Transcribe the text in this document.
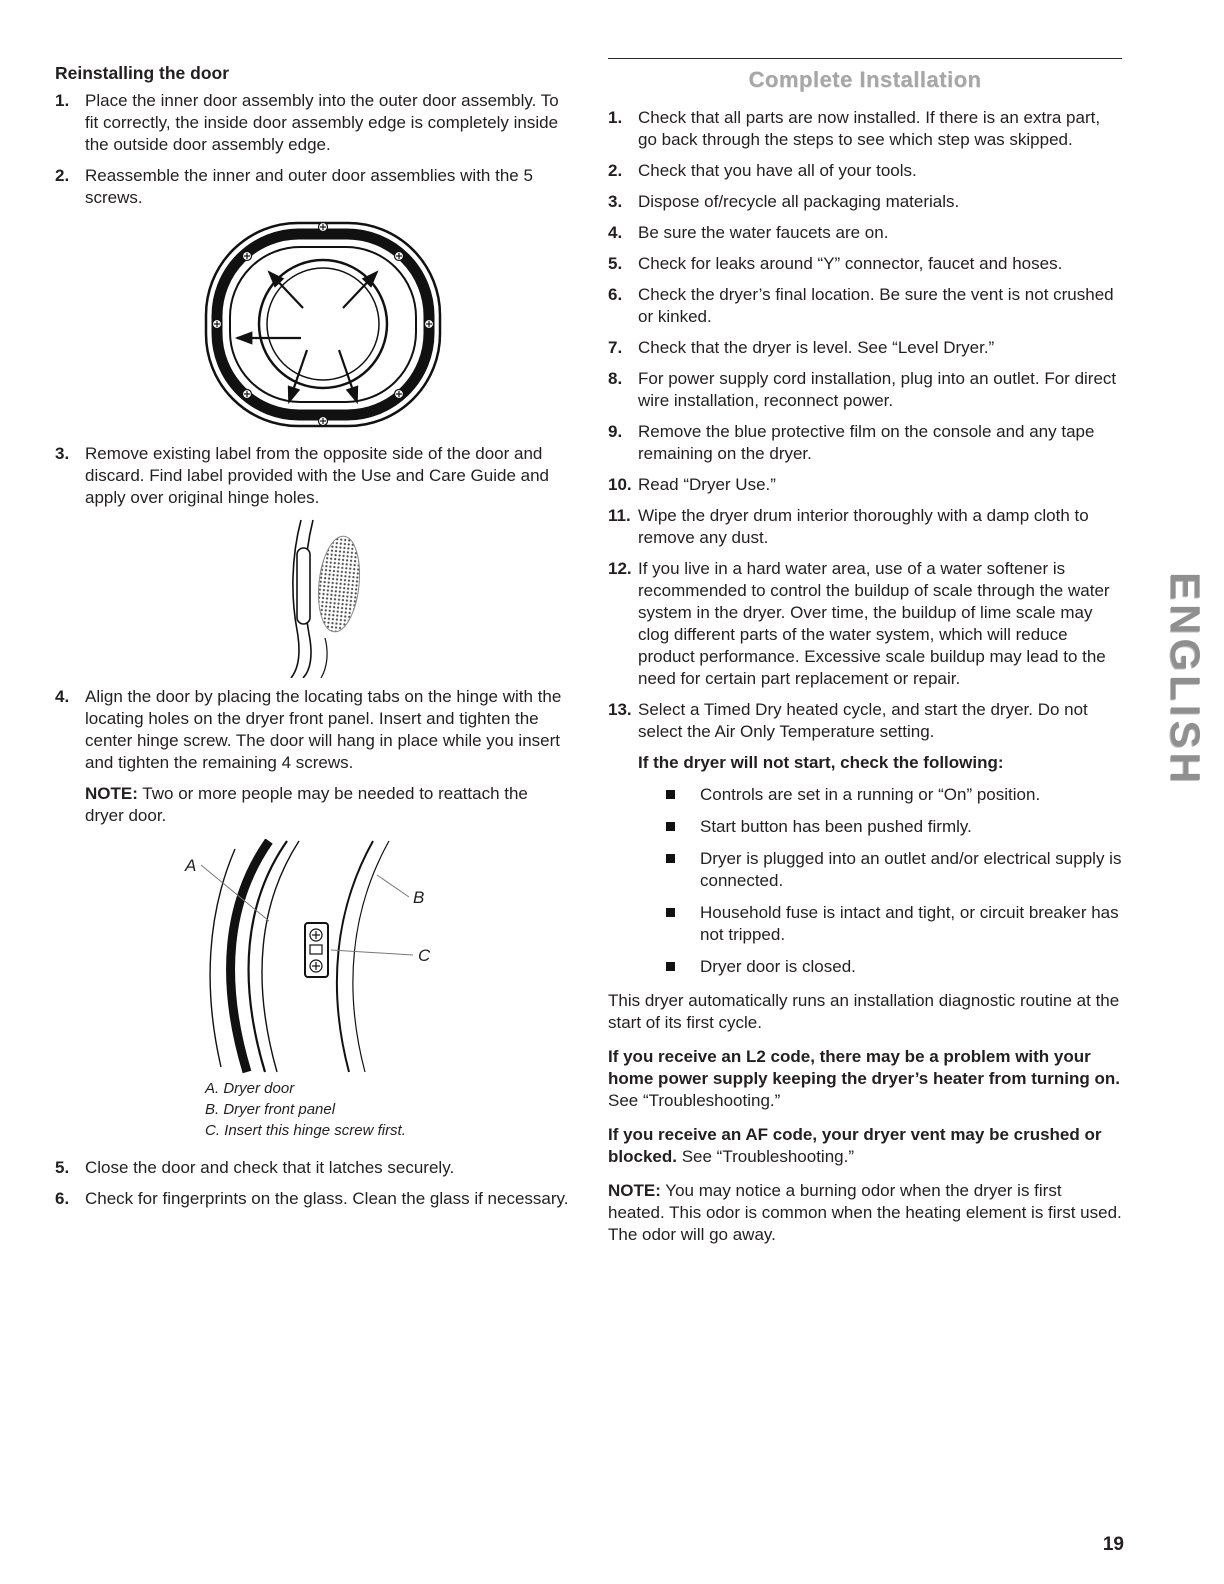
Reinstalling the door
1. Place the inner door assembly into the outer door assembly. To fit correctly, the inside door assembly edge is completely inside the outside door assembly edge.
2. Reassemble the inner and outer door assemblies with the 5 screws.
3. Remove existing label from the opposite side of the door and discard. Find label provided with the Use and Care Guide and apply over original hinge holes.
4. Align the door by placing the locating tabs on the hinge with the locating holes on the dryer front panel. Insert and tighten the center hinge screw. The door will hang in place while you insert and tighten the remaining 4 screws.
NOTE: Two or more people may be needed to reattach the dryer door.
A
B
C
A. Dryer door
B. Dryer front panel
C. Insert this hinge screw first.
5. Close the door and check that it latches securely.
6. Check for fingerprints on the glass. Clean the glass if necessary.
Complete Installation
1. Check that all parts are now installed. If there is an extra part, go back through the steps to see which step was skipped.
2. Check that you have all of your tools.
3. Dispose of/recycle all packaging materials.
4. Be sure the water faucets are on.
5. Check for leaks around “Y” connector, faucet and hoses.
6. Check the dryer’s final location. Be sure the vent is not crushed or kinked.
7. Check that the dryer is level. See “Level Dryer.”
8. For power supply cord installation, plug into an outlet. For direct wire installation, reconnect power.
9. Remove the blue protective film on the console and any tape remaining on the dryer.
10. Read “Dryer Use.”
11. Wipe the dryer drum interior thoroughly with a damp cloth to remove any dust.
12. If you live in a hard water area, use of a water softener is recommended to control the buildup of scale through the water system in the dryer. Over time, the buildup of lime scale may clog different parts of the water system, which will reduce product performance. Excessive scale buildup may lead to the need for certain part replacement or repair.
13. Select a Timed Dry heated cycle, and start the dryer. Do not select the Air Only Temperature setting.
If the dryer will not start, check the following:
Controls are set in a running or “On” position.
Start button has been pushed firmly.
Dryer is plugged into an outlet and/or electrical supply is connected.
Household fuse is intact and tight, or circuit breaker has not tripped.
Dryer door is closed.
This dryer automatically runs an installation diagnostic routine at the start of its first cycle.
If you receive an L2 code, there may be a problem with your home power supply keeping the dryer’s heater from turning on. See “Troubleshooting.”
If you receive an AF code, your dryer vent may be crushed or blocked. See “Troubleshooting.”
NOTE: You may notice a burning odor when the dryer is first heated. This odor is common when the heating element is first used. The odor will go away.
ENGLISH
19
